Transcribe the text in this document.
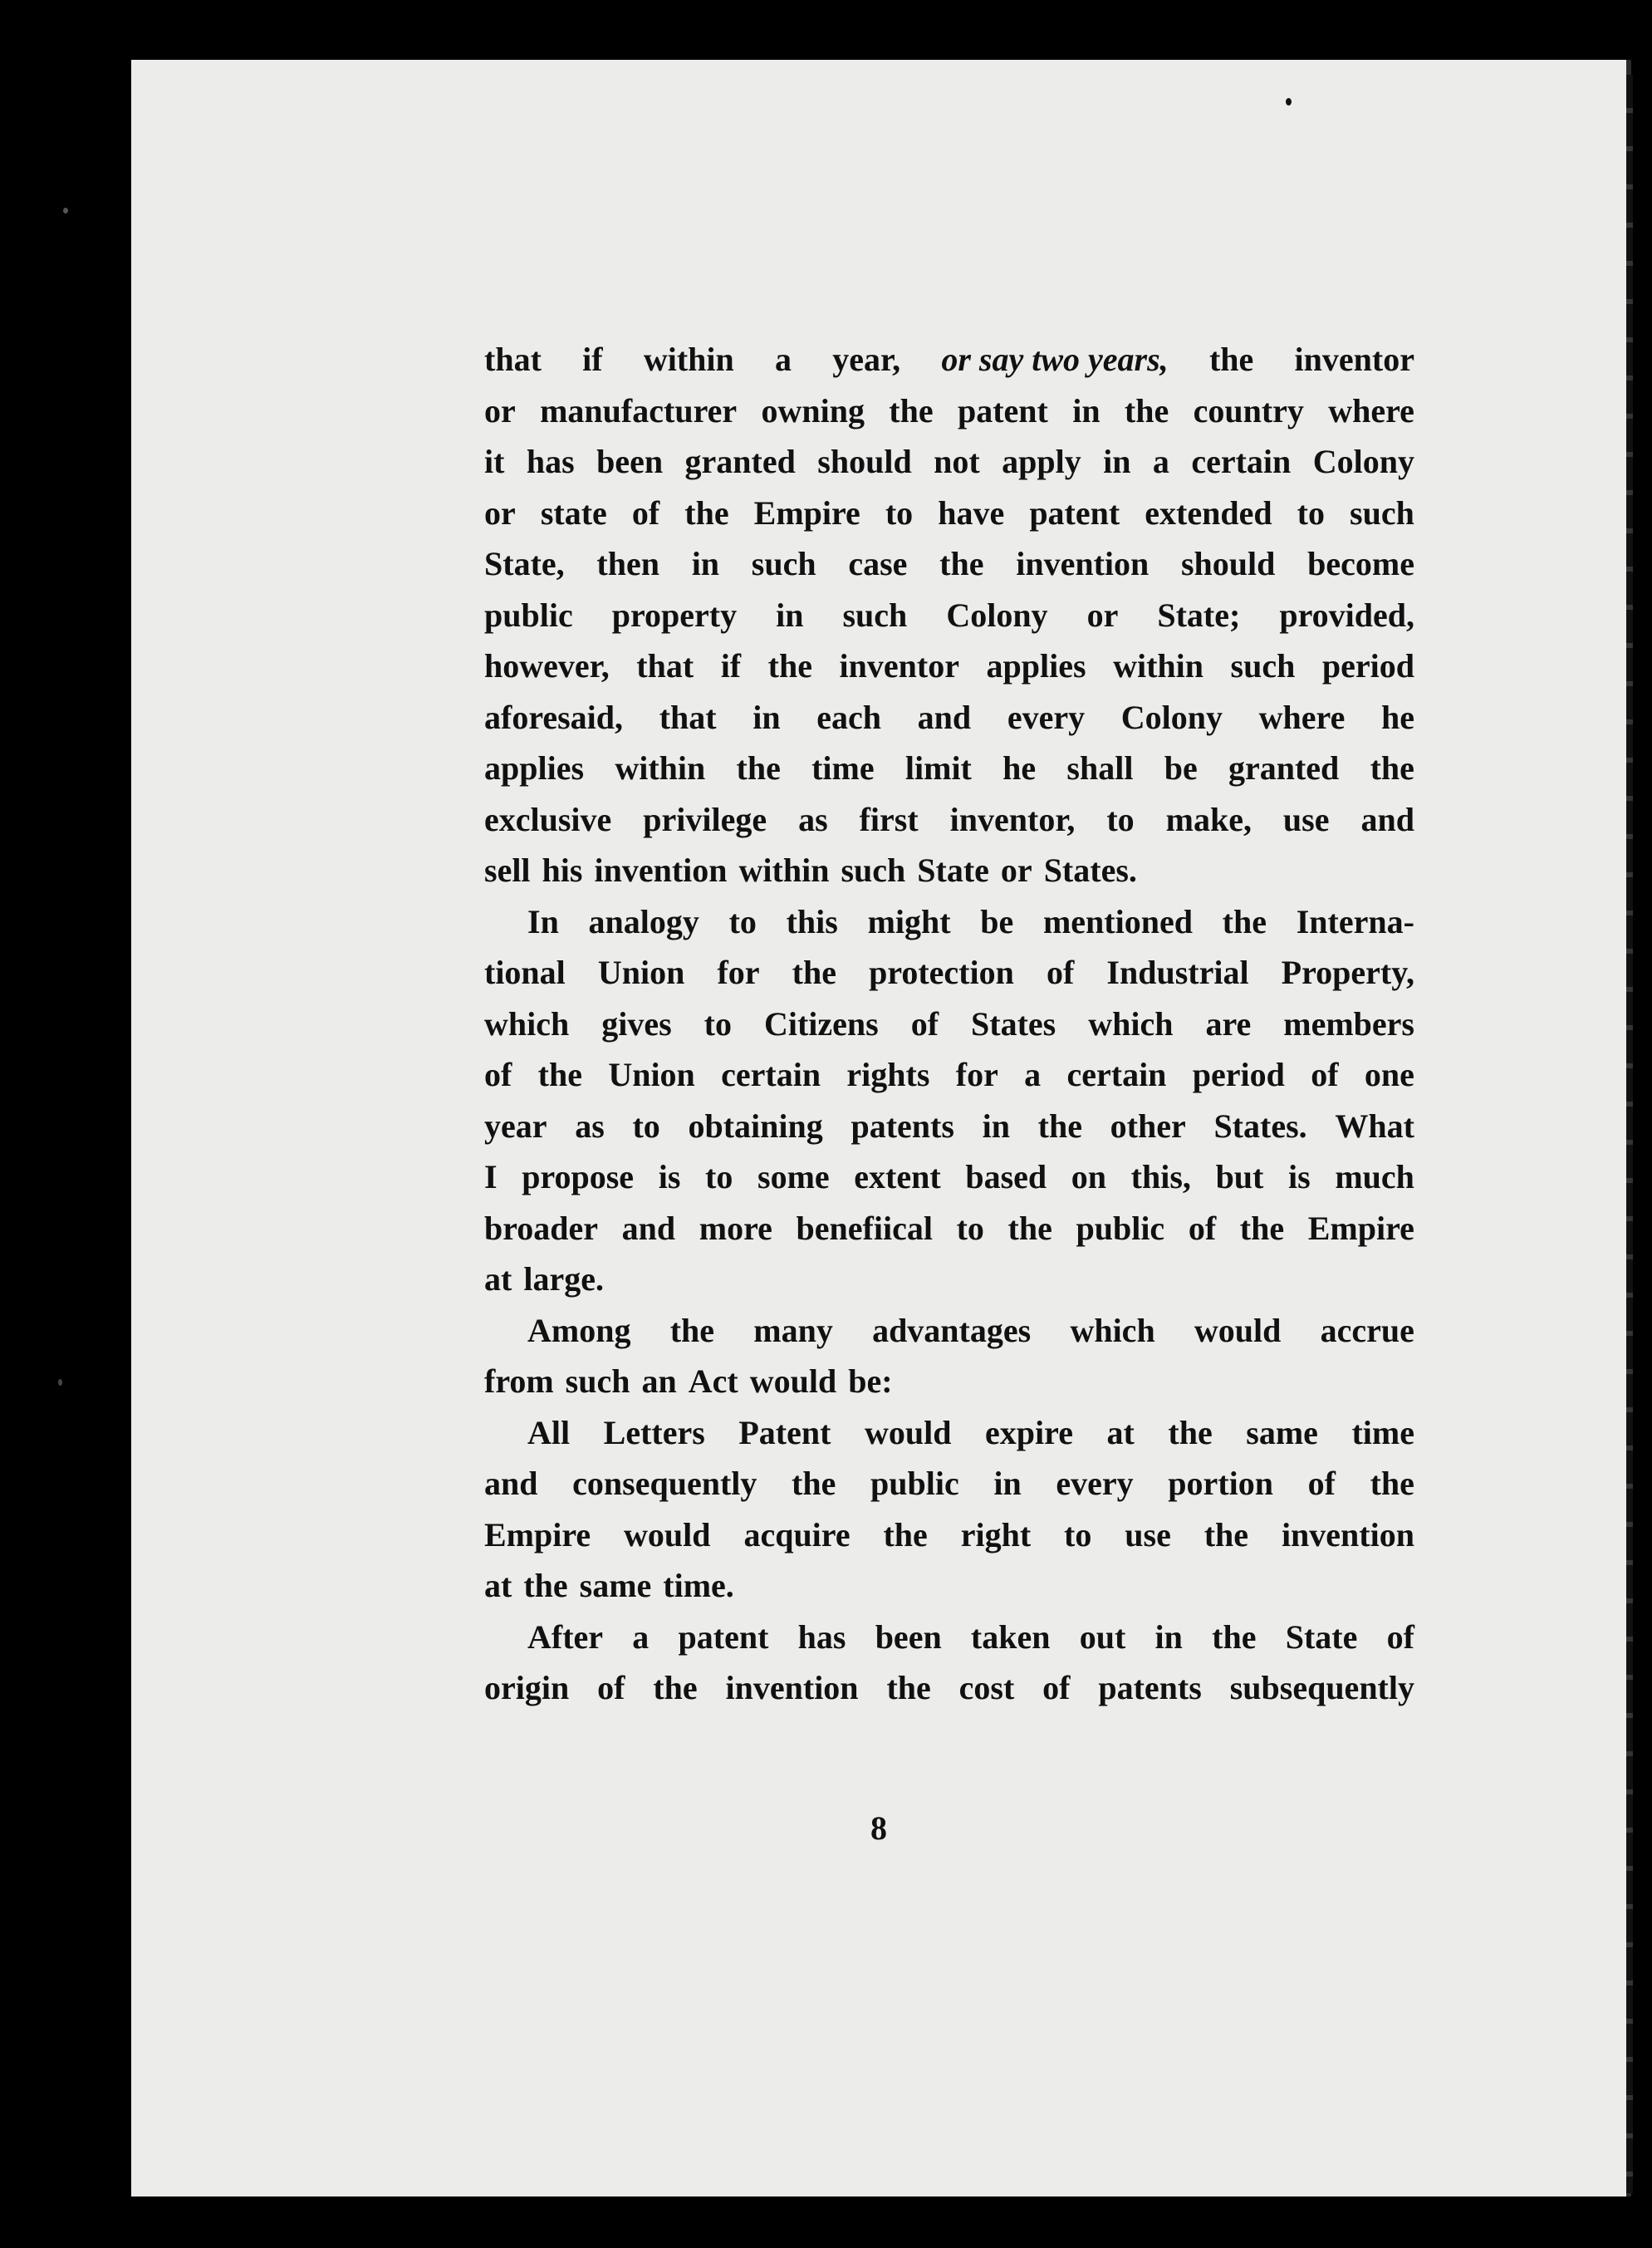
that if within a year, or say two years, the inventor
or manufacturer owning the patent in the country where
it has been granted should not apply in a certain Colony
or state of the Empire to have patent extended to such
State, then in such case the invention should become
public property in such Colony or State; provided,
however, that if the inventor applies within such period
aforesaid, that in each and every Colony where he
applies within the time limit he shall be granted the
exclusive privilege as first inventor, to make, use and
sell his invention within such State or States.
In analogy to this might be mentioned the Interna-
tional Union for the protection of Industrial Property,
which gives to Citizens of States which are members
of the Union certain rights for a certain period of one
year as to obtaining patents in the other States. What
I propose is to some extent based on this, but is much
broader and more benefiical to the public of the Empire
at large.
Among the many advantages which would accrue
from such an Act would be:
All Letters Patent would expire at the same time
and consequently the public in every portion of the
Empire would acquire the right to use the invention
at the same time.
After a patent has been taken out in the State of
origin of the invention the cost of patents subsequently
8
